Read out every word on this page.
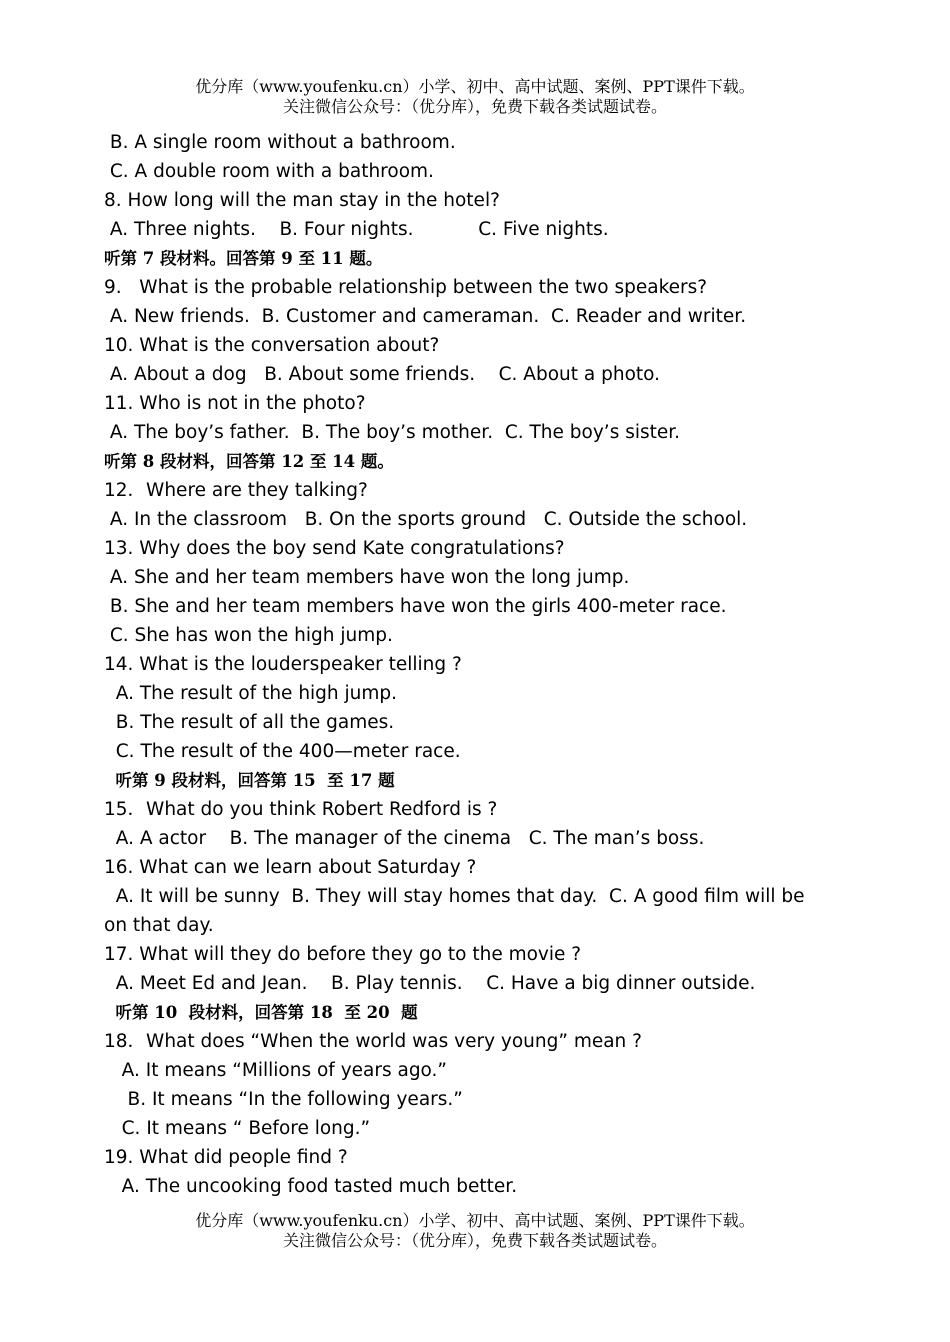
优分库（www.youfenku.cn）小学、初中、高中试题、案例、PPT课件下载。
关注微信公众号：（优分库），免费下载各类试题试卷。
B. A single room without a bathroom.
C. A double room with a bathroom.
8. How long will the man stay in the hotel?
A. Three nights.    B. Four nights.           C. Five nights.
听第 7 段材料。回答第 9 至 11 题。
9.   What is the probable relationship between the two speakers?
A. New friends.  B. Customer and cameraman.  C. Reader and writer.
10. What is the conversation about?
A. About a dog   B. About some friends.    C. About a photo.
11. Who is not in the photo?
A. The boy’s father.  B. The boy’s mother.  C. The boy’s sister.
听第 8 段材料，回答第 12 至 14 题。
12．Where are they talking?
A. In the classroom   B. On the sports ground   C. Outside the school.
13. Why does the boy send Kate congratulations?
A. She and her team members have won the long jump.
B. She and her team members have won the girls 400-meter race.
C. She has won the high jump.
14. What is the louderspeaker telling ?
A. The result of the high jump.
B. The result of all the games.
C. The result of the 400—meter race.
听第 9 段材料，回答第 15  至 17 题
15．What do you think Robert Redford is ?
A. A actor    B. The manager of the cinema   C. The man’s boss.
16. What can we learn about Saturday ?
A. It will be sunny  B. They will stay homes that day.  C. A good film will be
on that day.
17. What will they do before they go to the movie ?
A. Meet Ed and Jean.    B. Play tennis.    C. Have a big dinner outside.
听第 10  段材料，回答第 18  至 20  题
18．What does “When the world was very young” mean ?
A. It means “Millions of years ago.”
B. It means “In the following years.”
C. It means “ Before long.”
19. What did people find ?
A. The uncooking food tasted much better.
优分库（www.youfenku.cn）小学、初中、高中试题、案例、PPT课件下载。
关注微信公众号：（优分库），免费下载各类试题试卷。
